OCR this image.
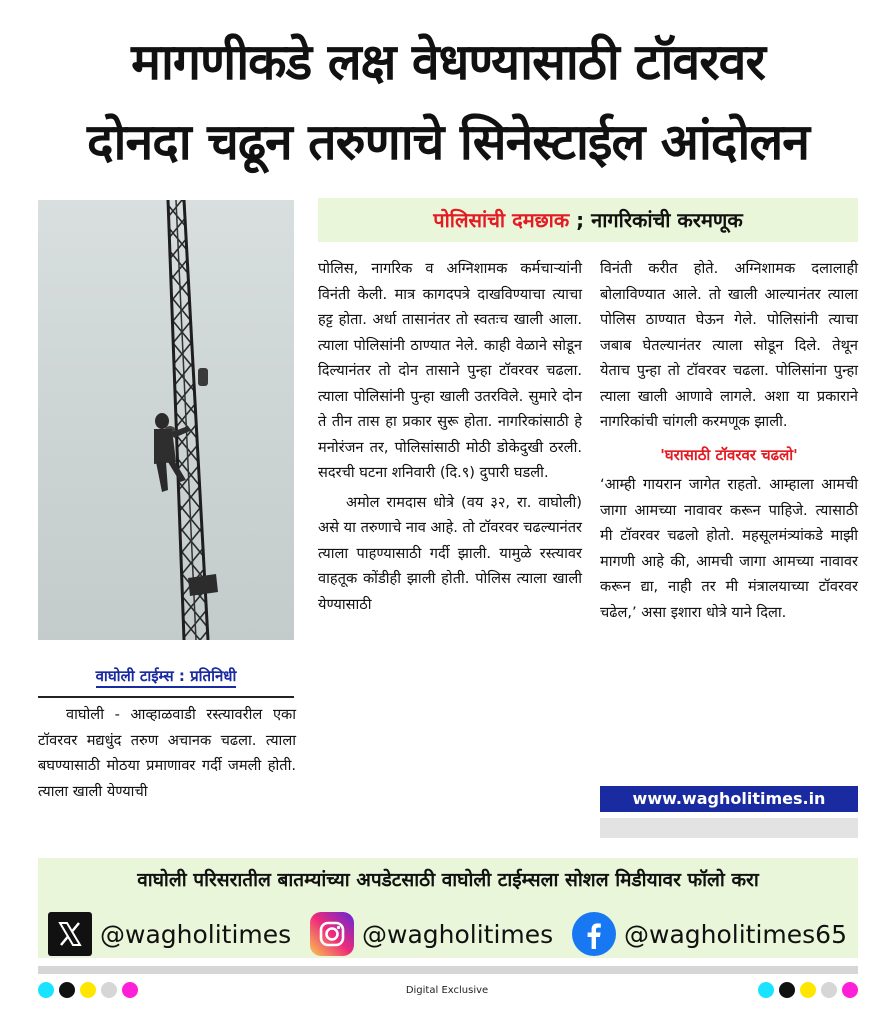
मागणीकडे लक्ष वेधण्यासाठी टॉवरवर
दोनदा चढून तरुणाचे सिनेस्टाईल आंदोलन
वाघोली टाईम्स : प्रतिनिधी
पोलिसांची दमछाक ; नागरिकांची करमणूक

वाघोली - आव्हाळवाडी रस्त्यावरील एका टॉवरवर मद्यधुंद तरुण अचानक चढला. त्याला बघण्यासाठी मोठया प्रमाणावर गर्दी जमली होती. त्याला खाली येण्याची

पोलिस, नागरिक व अग्निशामक कर्मचाऱ्यांनी विनंती केली. मात्र कागदपत्रे दाखविण्याचा त्याचा हट्ट होता. अर्धा तासानंतर तो स्वतःच खाली आला. त्याला पोलिसांनी ठाण्यात नेले. काही वेळाने सोडून दिल्यानंतर तो दोन तासाने पुन्हा टॉवरवर चढला. त्याला पोलिसांनी पुन्हा खाली उतरविले. सुमारे दोन ते तीन तास हा प्रकार सुरू होता. नागरिकांसाठी हे मनोरंजन तर, पोलिसांसाठी मोठी डोकेदुखी ठरली. सदरची घटना शनिवारी (दि.९) दुपारी घडली.

अमोल रामदास धोत्रे (वय ३२, रा. वाघोली) असे या तरुणाचे नाव आहे. तो टॉवरवर चढल्यानंतर त्याला पाहण्यासाठी गर्दी झाली. यामुळे रस्त्यावर वाहतूक कोंडीही झाली होती. पोलिस त्याला खाली येण्यासाठी

विनंती करीत होते. अग्निशामक दलालाही बोलाविण्यात आले. तो खाली आल्यानंतर त्याला पोलिस ठाण्यात घेऊन गेले. पोलिसांनी त्याचा जबाब घेतल्यानंतर त्याला सोडून दिले. तेथून येताच पुन्हा तो टॉवरवर चढला. पोलिसांना पुन्हा त्याला खाली आणावे लागले. अशा या प्रकाराने नागरिकांची चांगली करमणूक झाली.

'घरासाठी टॉवरवर चढलो'

‘आम्ही गायरान जागेत राहतो. आम्हाला आमची जागा आमच्या नावावर करून पाहिजे. त्यासाठी मी टॉवरवर चढलो होतो. महसूलमंत्र्यांकडे माझी मागणी आहे की, आमची जागा आमच्या नावावर करून द्या, नाही तर मी मंत्रालयाच्या टॉवरवर चढेल,’ असा इशारा धोत्रे याने दिला.

www.wagholitimes.in
वाघोली परिसरातील बातम्यांच्या अपडेटसाठी वाघोली टाईम्सला सोशल मिडीयावर फॉलो करा
@wagholitimes	@wagholitimes	@wagholitimes65
Digital Exclusive
